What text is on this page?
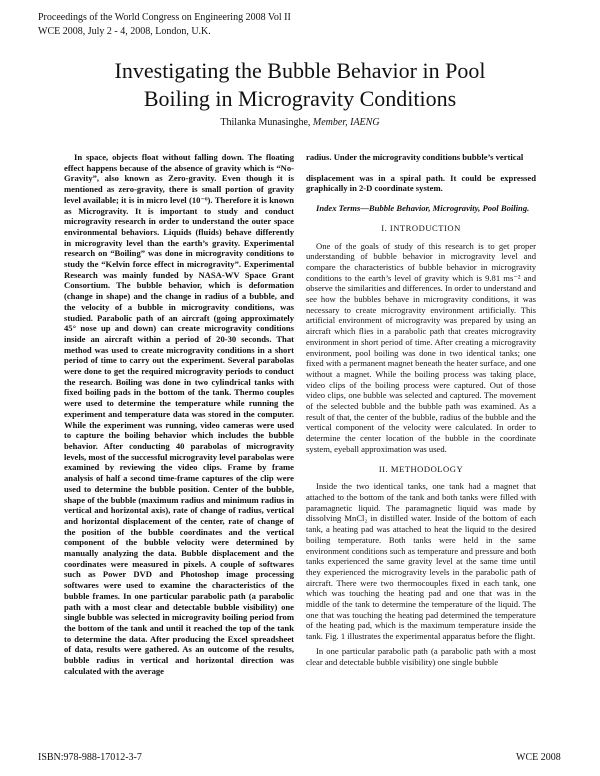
Proceedings of the World Congress on Engineering 2008 Vol II
WCE 2008, July 2 - 4, 2008, London, U.K.
Investigating the Bubble Behavior in Pool
Boiling in Microgravity Conditions
Thilanka Munasinghe, Member, IAENG

In space, objects float without falling down. The floating effect happens because of the absence of gravity which is “No-Gravity”, also known as Zero-gravity. Even though it is mentioned as zero-gravity, there is small portion of gravity level available; it is in micro level (10⁻⁶). Therefore it is known as Microgravity. It is important to study and conduct microgravity research in order to understand the outer space environmental behaviors. Liquids (fluids) behave differently in microgravity level than the earth’s gravity. Experimental research on “Boiling” was done in microgravity conditions to study the “Kelvin force effect in microgravity”. Experimental Research was mainly funded by NASA-WV Space Grant Consortium. The bubble behavior, which is deformation (change in shape) and the change in radius of a bubble, and the velocity of a bubble in microgravity conditions, was studied. Parabolic path of an aircraft (going approximately 45° nose up and down) can create microgravity conditions inside an aircraft within a period of 20-30 seconds. That method was used to create microgravity conditions in a short period of time to carry out the experiment. Several parabolas were done to get the required microgravity periods to conduct the research. Boiling was done in two cylindrical tanks with fixed boiling pads in the bottom of the tank. Thermo couples were used to determine the temperature while running the experiment and temperature data was stored in the computer. While the experiment was running, video cameras were used to capture the boiling behavior which includes the bubble behavior. After conducting 40 parabolas of microgravity levels, most of the successful microgravity level parabolas were examined by reviewing the video clips. Frame by frame analysis of half a second time-frame captures of the clip were used to determine the bubble position. Center of the bubble, shape of the bubble (maximum radius and minimum radius in vertical and horizontal axis), rate of change of radius, vertical and horizontal displacement of the center, rate of change of the position of the bubble coordinates and the vertical component of the bubble velocity were determined by manually analyzing the data. Bubble displacement and the coordinates were measured in pixels. A couple of softwares such as Power DVD and Photoshop image processing softwares were used to examine the characteristics of the bubble frames. In one particular parabolic path (a parabolic path with a most clear and detectable bubble visibility) one single bubble was selected in microgravity boiling period from the bottom of the tank and until it reached the top of the tank to determine the data. After producing the Excel spreadsheet of data, results were gathered. As an outcome of the results, bubble radius in vertical and horizontal direction was calculated with the average

radius. Under the microgravity conditions bubble’s vertical

displacement was in a spiral path. It could be expressed graphically in 2-D coordinate system.

Index Terms—Bubble Behavior, Microgravity, Pool Boiling.

I. INTRODUCTION

One of the goals of study of this research is to get proper understanding of bubble behavior in microgravity level and compare the characteristics of bubble behavior in microgravity conditions to the earth’s level of gravity which is 9.81 ms⁻² and observe the similarities and differences. In order to understand and see how the bubbles behave in microgravity conditions, it was necessary to create microgravity environment artificially. This artificial environment of microgravity was prepared by using an aircraft which flies in a parabolic path that creates microgravity environment in short period of time. After creating a microgravity environment, pool boiling was done in two identical tanks; one fixed with a permanent magnet beneath the heater surface, and one without a magnet. While the boiling process was taking place, video clips of the boiling process were captured. Out of those video clips, one bubble was selected and captured. The movement of the selected bubble and the bubble path was examined. As a result of that, the center of the bubble, radius of the bubble and the vertical component of the velocity were calculated. In order to determine the center location of the bubble in the coordinate system, eyeball approximation was used.

II. METHODOLOGY

Inside the two identical tanks, one tank had a magnet that attached to the bottom of the tank and both tanks were filled with paramagnetic liquid. The paramagnetic liquid was made by dissolving MnCl₂ in distilled water. Inside of the bottom of each tank, a heating pad was attached to heat the liquid to the desired boiling temperature. Both tanks were held in the same environment conditions such as temperature and pressure and both tanks experienced the same gravity level at the same time until they experienced the microgravity levels in the parabolic path of aircraft. There were two thermocouples fixed in each tank, one which was touching the heating pad and one that was in the middle of the tank to determine the temperature of the liquid. The one that was touching the heating pad determined the temperature of the heating pad, which is the maximum temperature inside the tank. Fig. 1 illustrates the experimental apparatus before the flight.

In one particular parabolic path (a parabolic path with a most clear and detectable bubble visibility) one single bubble

ISBN:978-988-17012-3-7	WCE 2008
